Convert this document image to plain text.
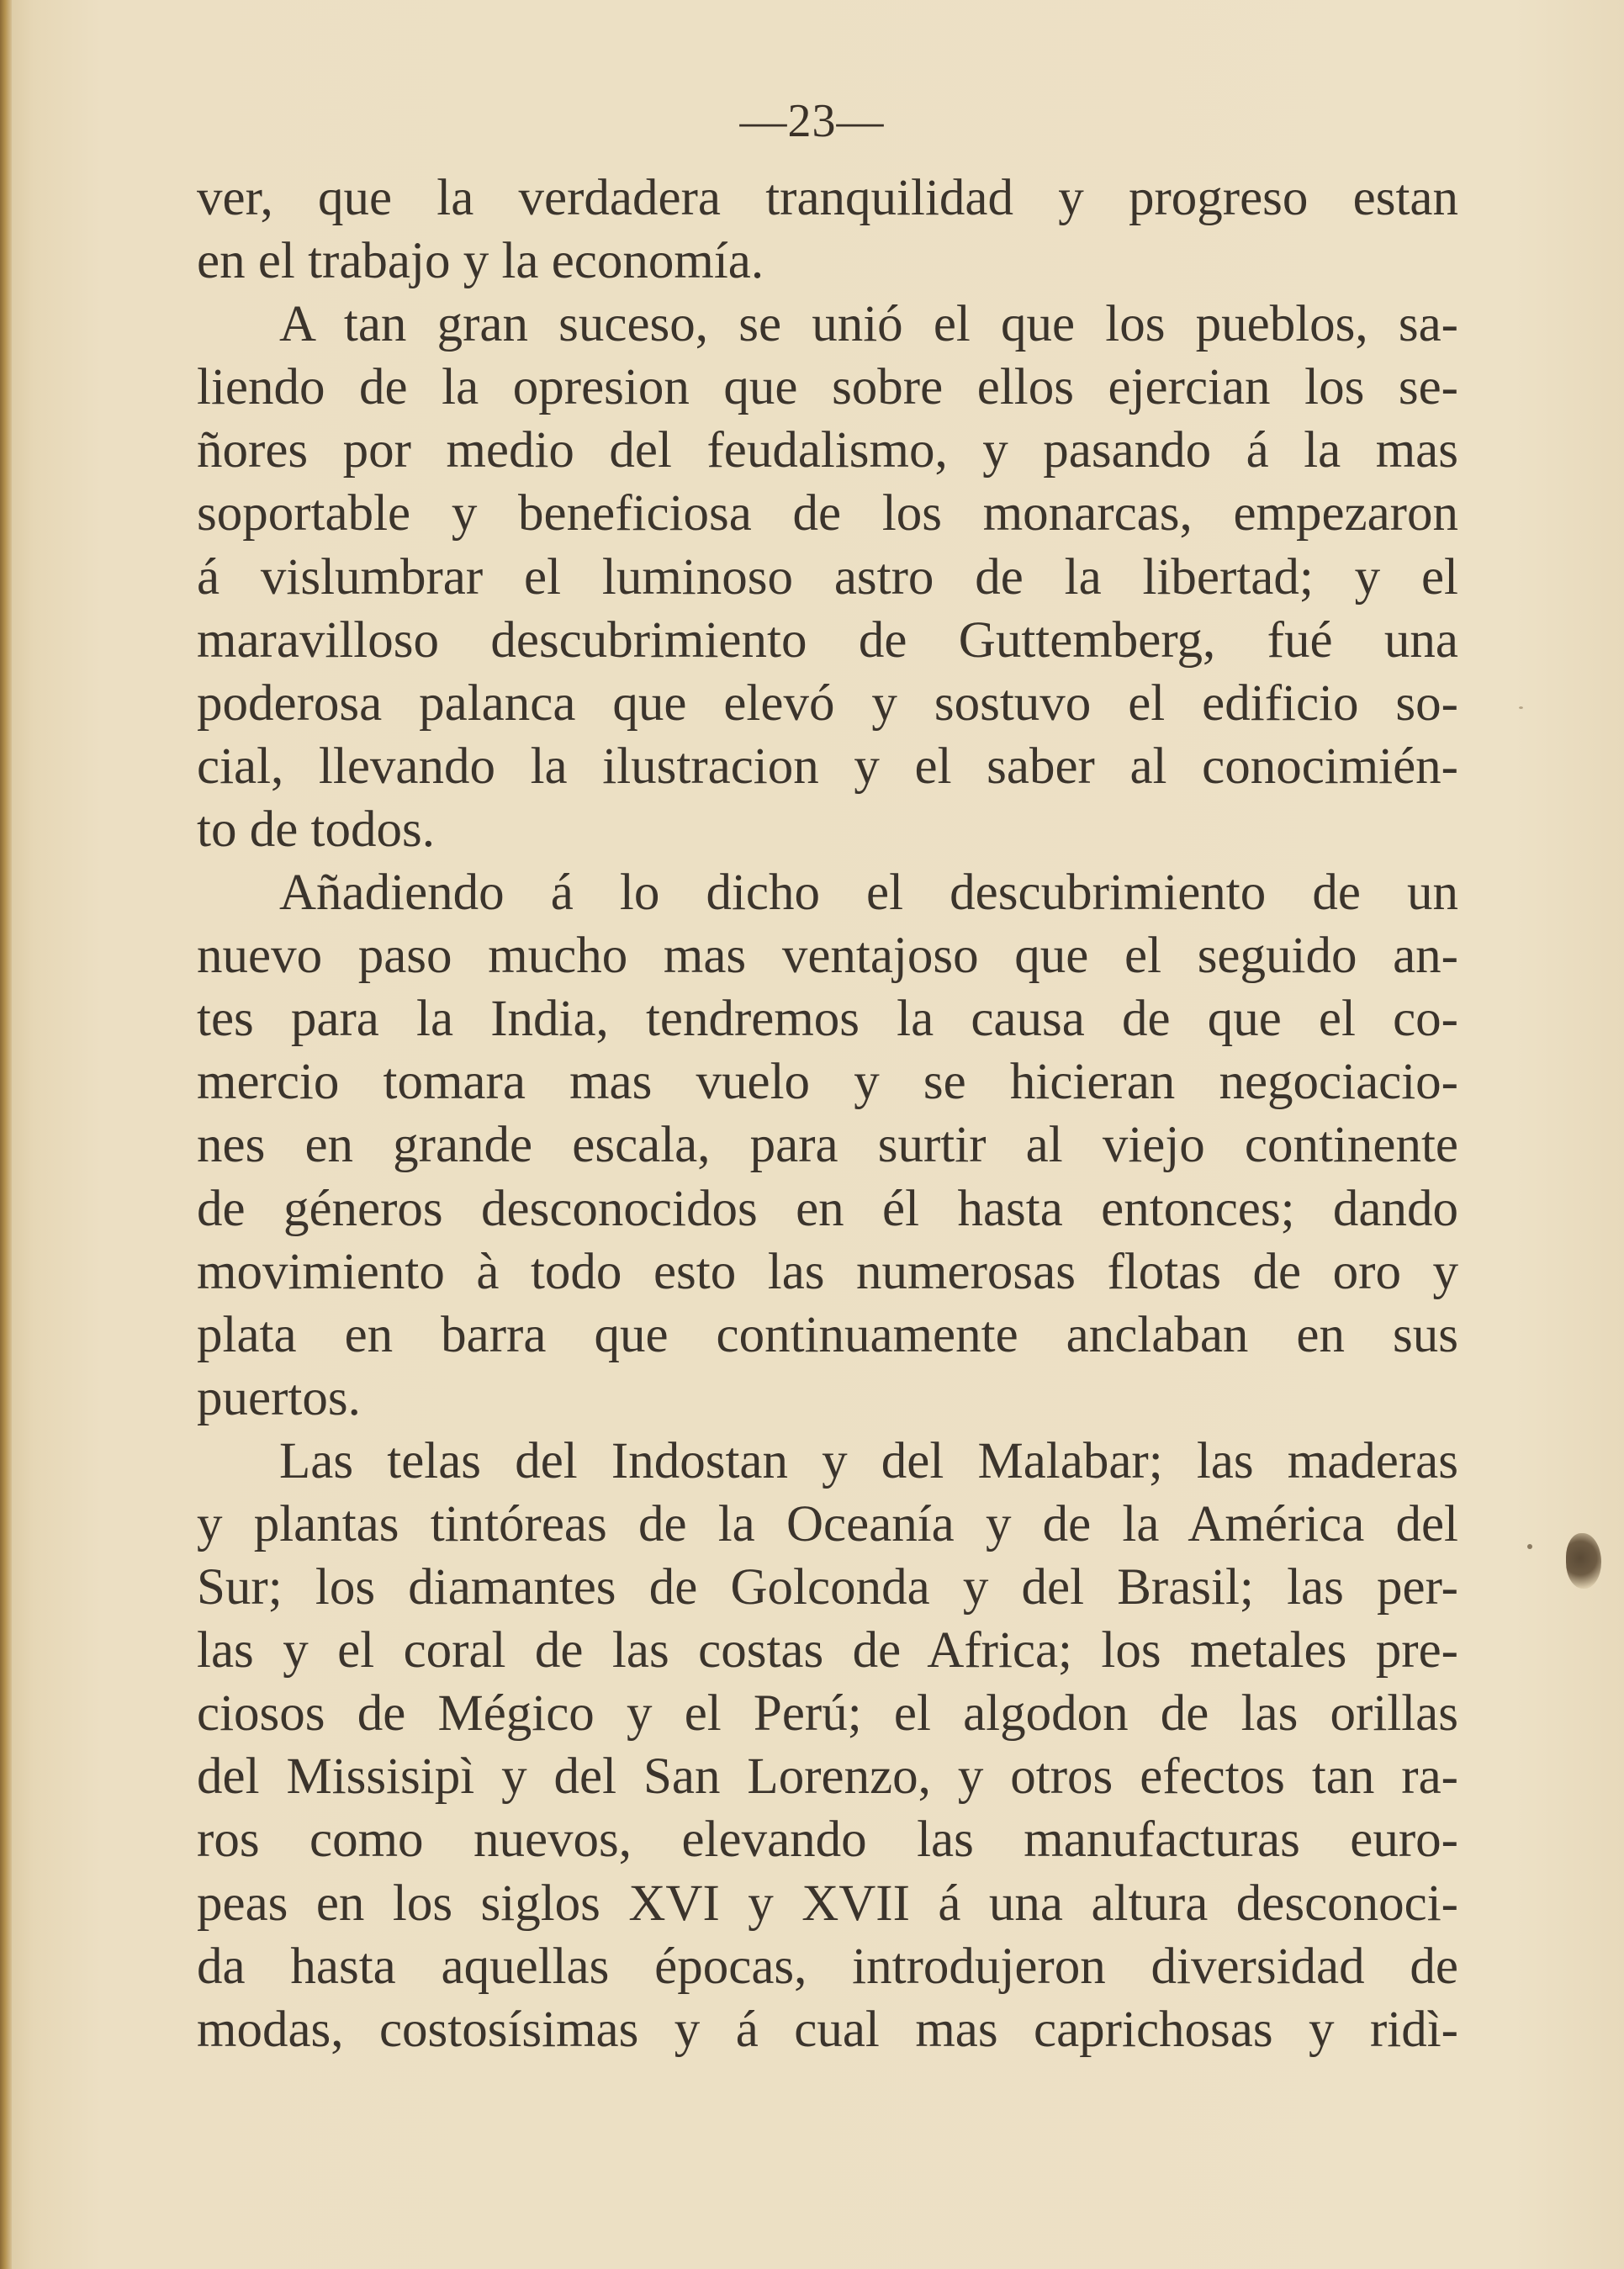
—23—

ver, que la verdadera tranquilidad y progreso estan
en el trabajo y la economía.
A tan gran suceso, se unió el que los pueblos, sa-
liendo de la opresion que sobre ellos ejercian los se-
ñores por medio del feudalismo, y pasando á la mas
soportable y beneficiosa de los monarcas, empezaron
á vislumbrar el luminoso astro de la libertad; y el
maravilloso descubrimiento de Guttemberg, fué una
poderosa palanca que elevó y sostuvo el edificio so-
cial, llevando la ilustracion y el saber al conocimién-
to de todos.
Añadiendo á lo dicho el descubrimiento de un
nuevo paso mucho mas ventajoso que el seguido an-
tes para la India, tendremos la causa de que el co-
mercio tomara mas vuelo y se hicieran negociacio-
nes en grande escala, para surtir al viejo continente
de géneros desconocidos en él hasta entonces; dando
movimiento à todo esto las numerosas flotas de oro y
plata en barra que continuamente anclaban en sus
puertos.
Las telas del Indostan y del Malabar; las maderas
y plantas tintóreas de la Oceanía y de la América del
Sur; los diamantes de Golconda y del Brasil; las per-
las y el coral de las costas de Africa; los metales pre-
ciosos de Mégico y el Perú; el algodon de las orillas
del Missisipì y del San Lorenzo, y otros efectos tan ra-
ros como nuevos, elevando las manufacturas euro-
peas en los siglos XVI y XVII á una altura desconoci-
da hasta aquellas épocas, introdujeron diversidad de
modas, costosísimas y á cual mas caprichosas y ridì-
